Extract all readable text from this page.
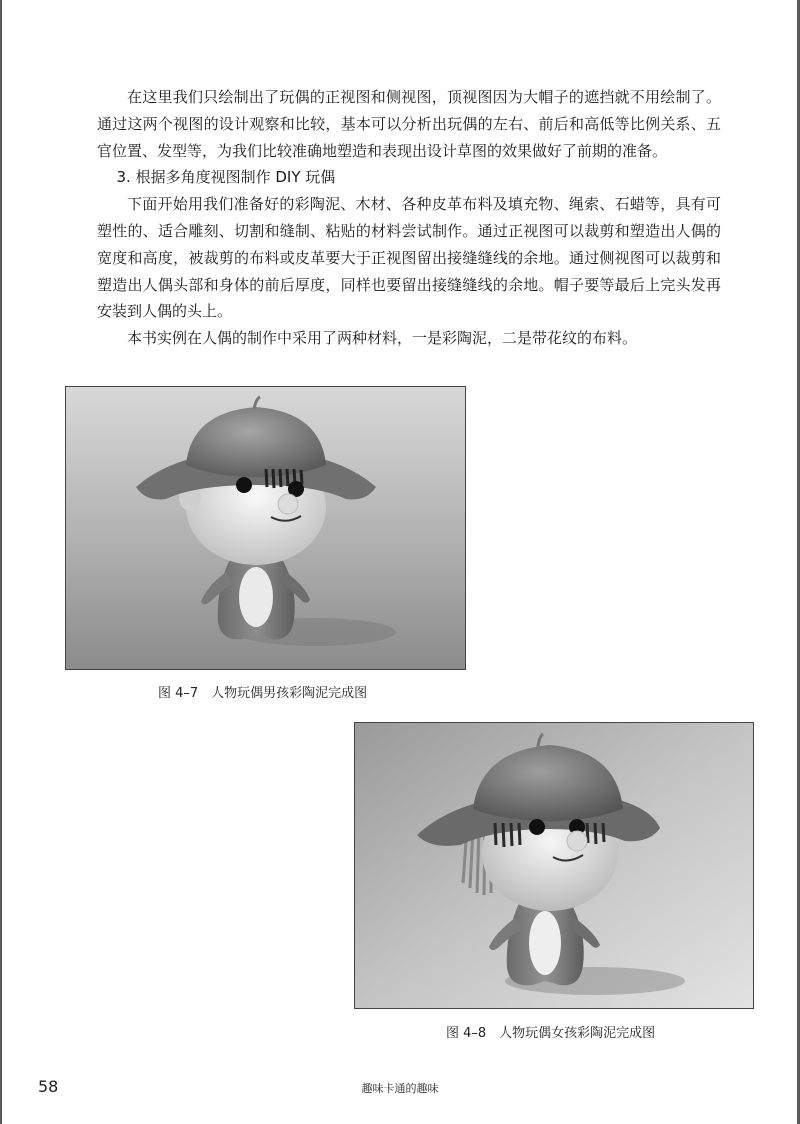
在这里我们只绘制出了玩偶的正视图和侧视图，顶视图因为大帽子的遮挡就不用绘制了。通过这两个视图的设计观察和比较，基本可以分析出玩偶的左右、前后和高低等比例关系、五官位置、发型等，为我们比较准确地塑造和表现出设计草图的效果做好了前期的准备。

3. 根据多角度视图制作 DIY 玩偶

下面开始用我们准备好的彩陶泥、木材、各种皮革布料及填充物、绳索、石蜡等，具有可塑性的、适合雕刻、切割和缝制、粘贴的材料尝试制作。通过正视图可以裁剪和塑造出人偶的宽度和高度，被裁剪的布料或皮革要大于正视图留出接缝缝线的余地。通过侧视图可以裁剪和塑造出人偶头部和身体的前后厚度，同样也要留出接缝缝线的余地。帽子要等最后上完头发再安装到人偶的头上。

本书实例在人偶的制作中采用了两种材料，一是彩陶泥，二是带花纹的布料。

图 4–7　人物玩偶男孩彩陶泥完成图
图 4–8　人物玩偶女孩彩陶泥完成图
58	趣味卡通的趣味
